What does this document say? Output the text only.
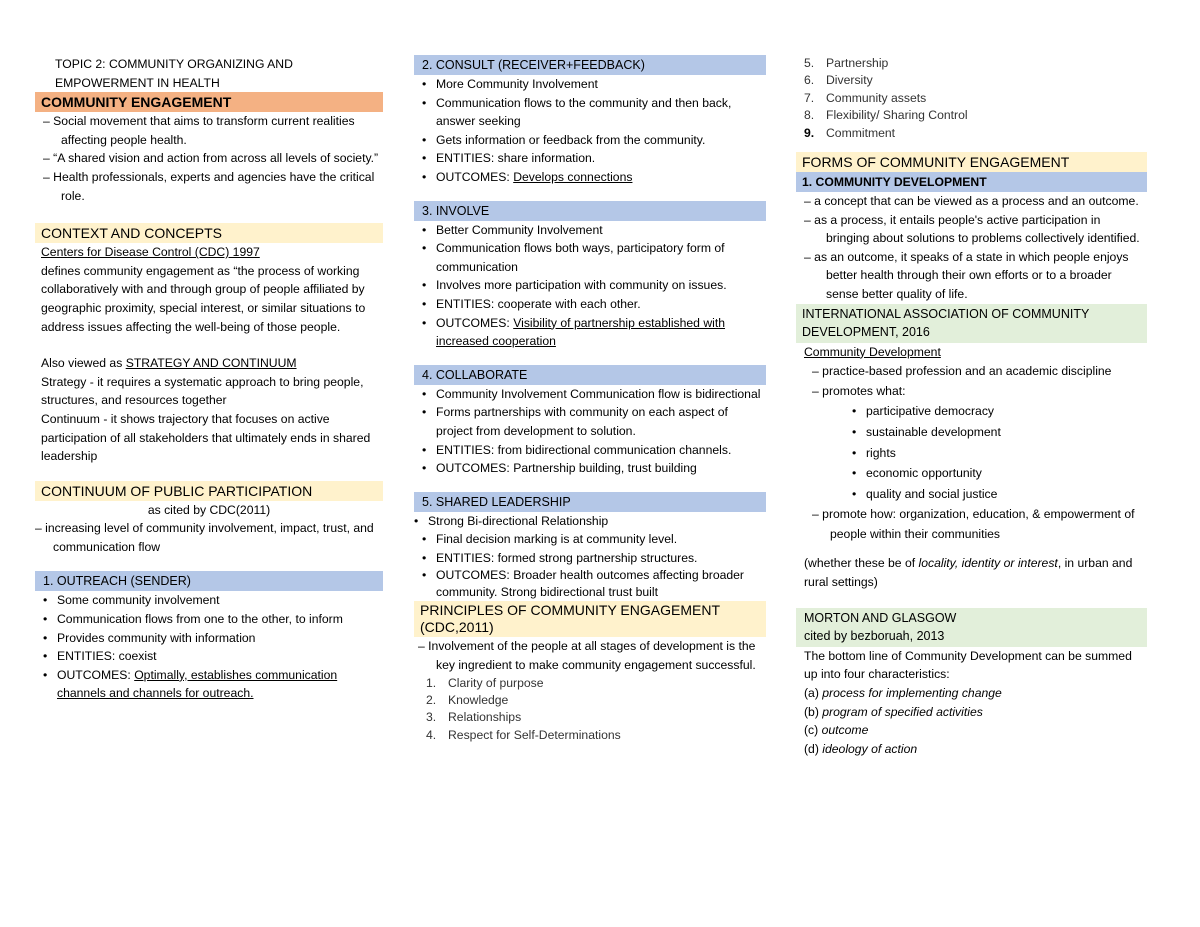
TOPIC 2: COMMUNITY ORGANIZING AND
EMPOWERMENT IN HEALTH
COMMUNITY ENGAGEMENT
– Social movement that aims to transform current realities affecting people health.
– “A shared vision and action from across all levels of society.”
– Health professionals, experts and agencies have the critical role.
CONTEXT AND CONCEPTS
Centers for Disease Control (CDC) 1997
defines community engagement as “the process of working collaboratively with and through group of people affiliated by geographic proximity, special interest, or similar situations to address issues affecting the well-being of those people.
Also viewed as STRATEGY AND CONTINUUM
Strategy - it requires a systematic approach to bring people, structures, and resources together
Continuum - it shows trajectory that focuses on active participation of all stakeholders that ultimately ends in shared leadership
CONTINUUM OF PUBLIC PARTICIPATION
as cited by CDC(2011)
– increasing level of community involvement, impact, trust, and communication flow
1. OUTREACH (SENDER)
• Some community involvement
• Communication flows from one to the other, to inform
• Provides community with information
• ENTITIES: coexist
• OUTCOMES: Optimally, establishes communication channels and channels for outreach.
2. CONSULT (RECEIVER+FEEDBACK)
• More Community Involvement
• Communication flows to the community and then back, answer seeking
• Gets information or feedback from the community.
• ENTITIES: share information.
• OUTCOMES: Develops connections
3. INVOLVE
• Better Community Involvement
• Communication flows both ways, participatory form of communication
• Involves more participation with community on issues.
• ENTITIES: cooperate with each other.
• OUTCOMES: Visibility of partnership established with increased cooperation
4. COLLABORATE
• Community Involvement Communication flow is bidirectional
• Forms partnerships with community on each aspect of project from development to solution.
• ENTITIES: from bidirectional communication channels.
• OUTCOMES: Partnership building, trust building
5. SHARED LEADERSHIP
• Strong Bi-directional Relationship
• Final decision marking is at community level.
• ENTITIES: formed strong partnership structures.
• OUTCOMES: Broader health outcomes affecting broader community. Strong bidirectional trust built
PRINCIPLES OF COMMUNITY ENGAGEMENT (CDC,2011)
– Involvement of the people at all stages of development is the key ingredient to make community engagement successful.
1. Clarity of purpose
2. Knowledge
3. Relationships
4. Respect for Self-Determinations
5. Partnership
6. Diversity
7. Community assets
8. Flexibility/ Sharing Control
9. Commitment
FORMS OF COMMUNITY ENGAGEMENT
1. COMMUNITY DEVELOPMENT
– a concept that can be viewed as a process and an outcome.
– as a process, it entails people's active participation in bringing about solutions to problems collectively identified.
– as an outcome, it speaks of a state in which people enjoys better health through their own efforts or to a broader sense better quality of life.
INTERNATIONAL ASSOCIATION OF COMMUNITY DEVELOPMENT, 2016
Community Development
– practice-based profession and an academic discipline
– promotes what:
• participative democracy
• sustainable development
• rights
• economic opportunity
• quality and social justice
– promote how: organization, education, & empowerment of people within their communities
(whether these be of locality, identity or interest, in urban and rural settings)
MORTON AND GLASGOW
cited by bezboruah, 2013
The bottom line of Community Development can be summed up into four characteristics:
(a) process for implementing change
(b) program of specified activities
(c) outcome
(d) ideology of action
